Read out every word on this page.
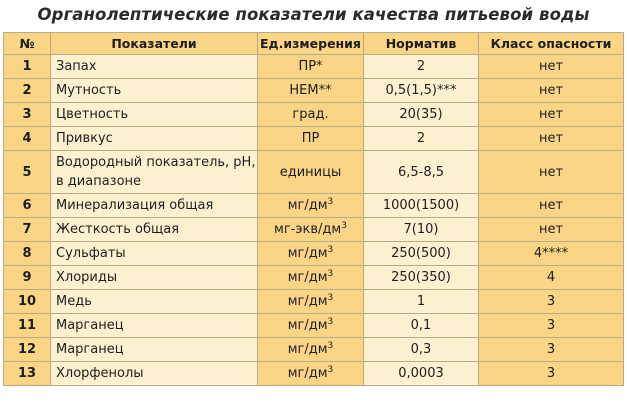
Органолептические показатели качества питьевой воды
№	Показатели	Ед.измерения	Норматив	Класс опасности
1	Запах	ПР*	2	нет
2	Мутность	НЕМ**	0,5(1,5)***	нет
3	Цветность	град.	20(35)	нет
4	Привкус	ПР	2	нет
5	Водородный показатель, pH, в диапазоне	единицы	6,5-8,5	нет
6	Минерализация общая	$мг/дм^3$	1000(1500)	нет
7	Жесткость общая	$мг-экв/дм^3$	7(10)	нет
8	Сульфаты	$мг/дм^3$	250(500)	4****
9	Хлориды	$мг/дм^3$	250(350)	4
10	Медь	$мг/дм^3$	1	3
11	Марганец	$мг/дм^3$	0,1	3
12	Марганец	$мг/дм^3$	0,3	3
13	Хлорфенолы	$мг/дм^3$	0,0003	3
